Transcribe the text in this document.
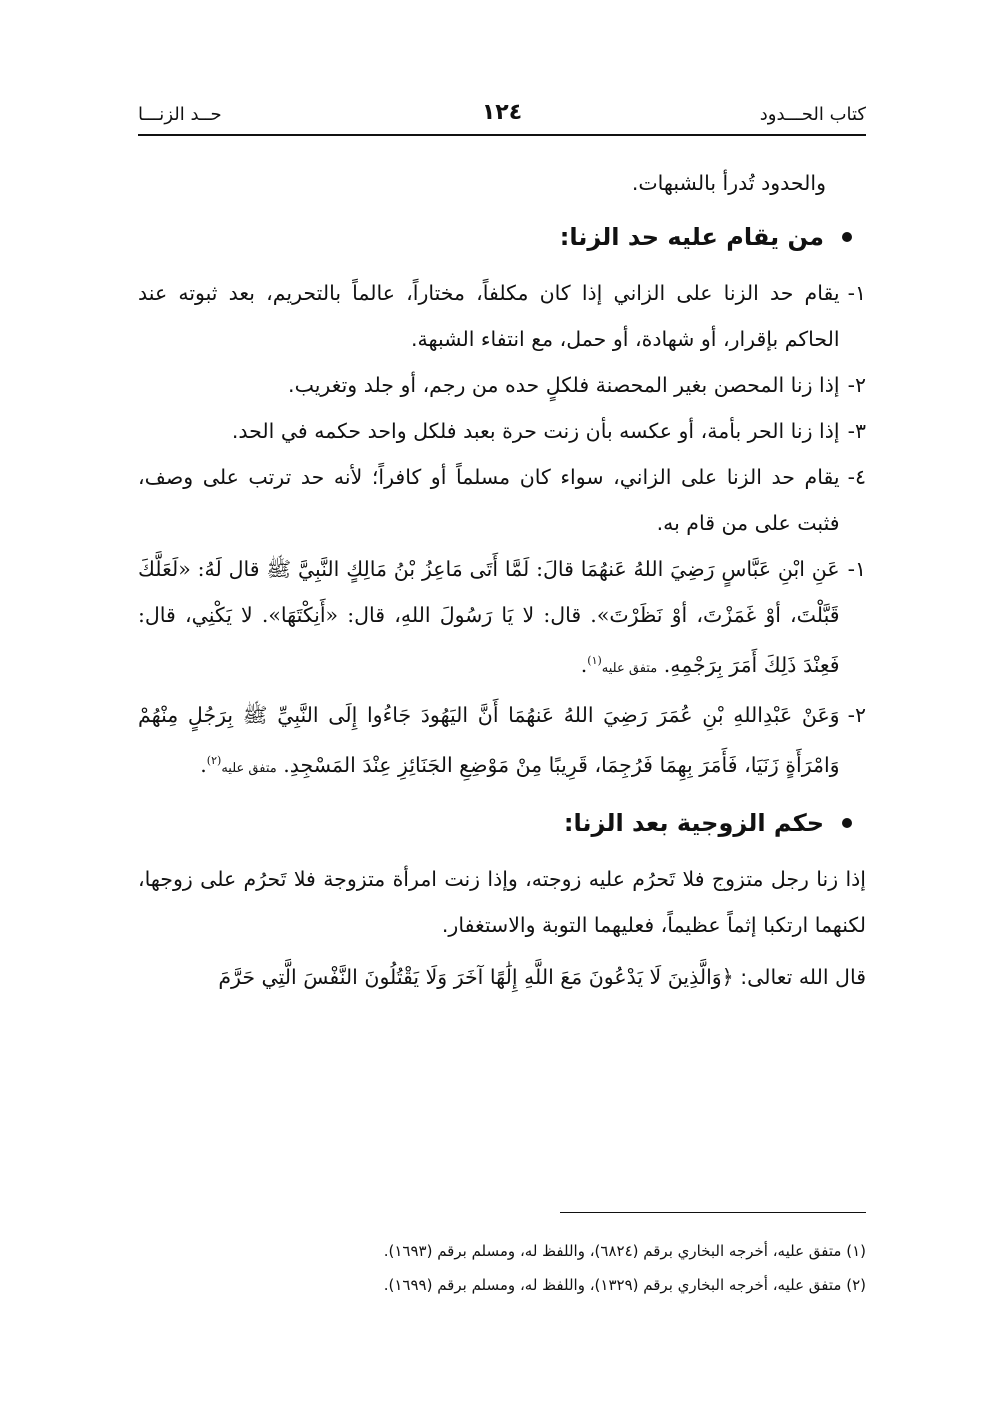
كتاب الحـــدود
١٢٤
حــد الزنـــا

والحدود تُدرأ بالشبهات.

من يقام عليه حد الزنا:
١-
يقام حد الزنا على الزاني إذا كان مكلفاً، مختاراً، عالماً بالتحريم، بعد ثبوته عند الحاكم بإقرار، أو شهادة، أو حمل، مع انتفاء الشبهة.
٢-
إذا زنا المحصن بغير المحصنة فلكلٍ حده من رجم، أو جلد وتغريب.
٣-
إذا زنا الحر بأمة، أو عكسه بأن زنت حرة بعبد فلكل واحد حكمه في الحد.
٤-
يقام حد الزنا على الزاني، سواء كان مسلماً أو كافراً؛ لأنه حد ترتب على وصف، فثبت على من قام به.
١-
عَنِ ابْنِ عَبَّاسٍ رَضِيَ اللهُ عَنهُمَا قالَ: لَمَّا أَتَى مَاعِزُ بْنُ مَالِكٍ النَّبِيَّ ﷺ قال لَهُ: «لَعَلَّكَ قَبَّلْتَ، أوْ غَمَزْتَ، أوْ نَظَرْتَ». قال: لا يَا رَسُولَ اللهِ، قال: «أَنِكْتَهَا». لا يَكْنِي، قال: فَعِنْدَ ذَلِكَ أَمَرَ بِرَجْمِهِ. متفق عليه$^{(١)}$.
٢-
وَعَنْ عَبْدِاللهِ بْنِ عُمَرَ رَضِيَ اللهُ عَنهُمَا أَنَّ اليَهُودَ جَاءُوا إِلَى النَّبِيِّ ﷺ بِرَجُلٍ مِنْهُمْ وَامْرَأَةٍ زَنَيَا، فَأَمَرَ بِهِمَا فَرُجِمَا، قَرِيبًا مِنْ مَوْضِعِ الجَنَائِزِ عِنْدَ المَسْجِدِ. متفق عليه$^{(٢)}$.
حكم الزوجية بعد الزنا:

إذا زنا رجل متزوج فلا تَحرُم عليه زوجته، وإذا زنت امرأة متزوجة فلا تَحرُم على زوجها، لكنهما ارتكبا إثماً عظيماً، فعليهما التوبة والاستغفار.

قال الله تعالى: ﴿وَالَّذِينَ لَا يَدْعُونَ مَعَ اللَّهِ إِلَٰهًا آخَرَ وَلَا يَقْتُلُونَ النَّفْسَ الَّتِي حَرَّمَ

(١) متفق عليه، أخرجه البخاري برقم (٦٨٢٤)، واللفظ له، ومسلم برقم (١٦٩٣).

(٢) متفق عليه، أخرجه البخاري برقم (١٣٢٩)، واللفظ له، ومسلم برقم (١٦٩٩).
